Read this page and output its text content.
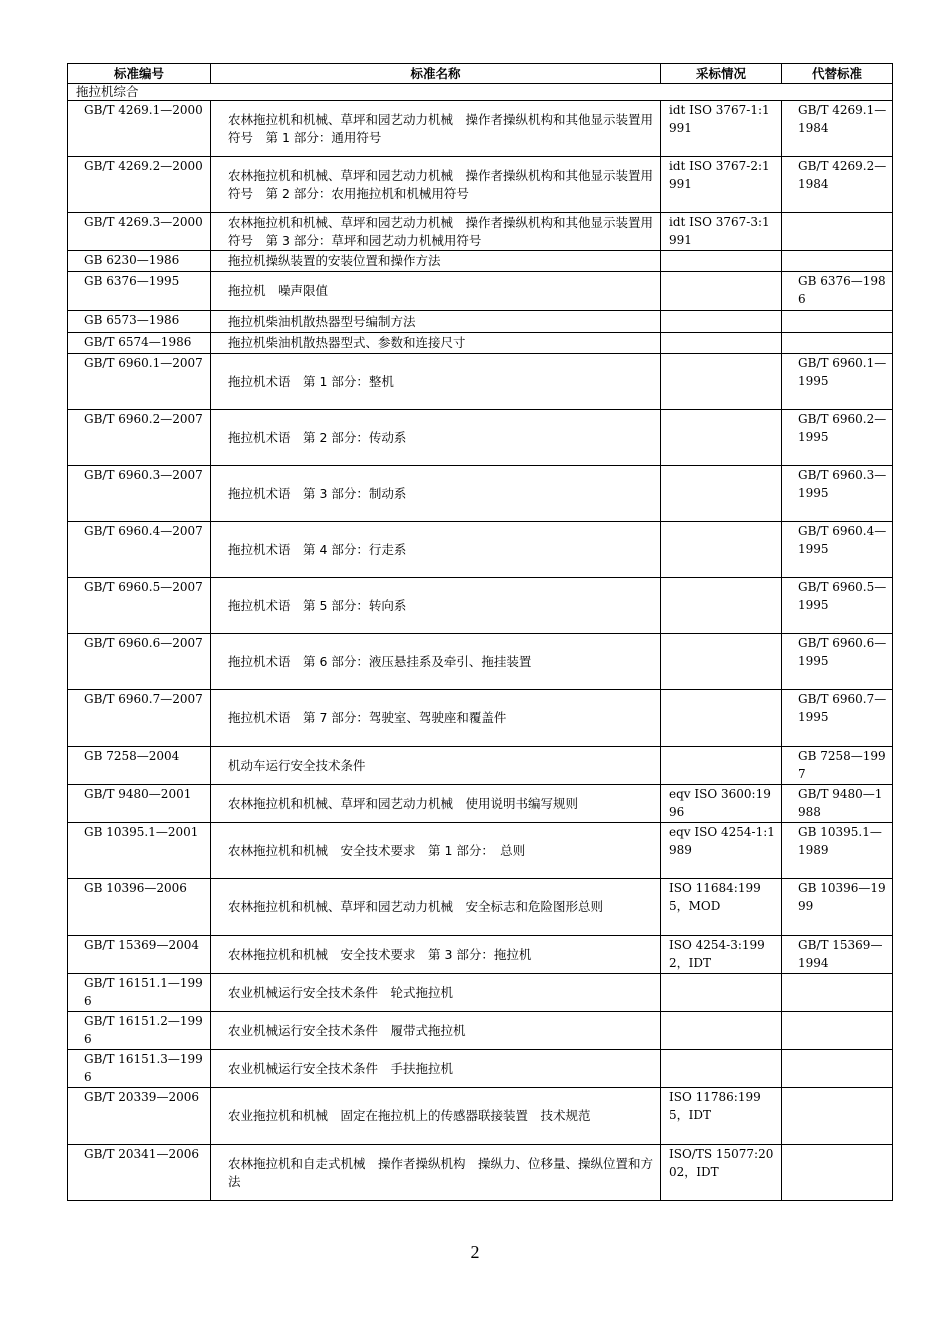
标准编号	标准名称	采标情况	代替标准
拖拉机综合			
GB/T 4269.1—2000	农林拖拉机和机械、草坪和园艺动力机械　操作者操纵机构和其他显示装置用符号　第 1 部分：通用符号	idt ISO 3767-1:1991	GB/T 4269.1—1984
GB/T 4269.2—2000	农林拖拉机和机械、草坪和园艺动力机械　操作者操纵机构和其他显示装置用符号　第 2 部分：农用拖拉机和机械用符号	idt ISO 3767-2:1991	GB/T 4269.2—1984
GB/T 4269.3—2000	农林拖拉机和机械、草坪和园艺动力机械　操作者操纵机构和其他显示装置用符号　第 3 部分：草坪和园艺动力机械用符号	idt ISO 3767-3:1991	
GB 6230—1986	拖拉机操纵装置的安装位置和操作方法		
GB 6376—1995	拖拉机　噪声限值		GB 6376—1986
GB 6573—1986	拖拉机柴油机散热器型号编制方法		
GB/T 6574—1986	拖拉机柴油机散热器型式、参数和连接尺寸		
GB/T 6960.1—2007	拖拉机术语　第 1 部分：整机		GB/T 6960.1—1995
GB/T 6960.2—2007	拖拉机术语　第 2 部分：传动系		GB/T 6960.2—1995
GB/T 6960.3—2007	拖拉机术语　第 3 部分：制动系		GB/T 6960.3—1995
GB/T 6960.4—2007	拖拉机术语　第 4 部分：行走系		GB/T 6960.4—1995
GB/T 6960.5—2007	拖拉机术语　第 5 部分：转向系		GB/T 6960.5—1995
GB/T 6960.6—2007	拖拉机术语　第 6 部分：液压悬挂系及牵引、拖挂装置		GB/T 6960.6—1995
GB/T 6960.7—2007	拖拉机术语　第 7 部分：驾驶室、驾驶座和覆盖件		GB/T 6960.7—1995
GB 7258—2004	机动车运行安全技术条件		GB 7258—1997
GB/T 9480—2001	农林拖拉机和机械、草坪和园艺动力机械　使用说明书编写规则	eqv ISO 3600:1996	GB/T 9480—1988
GB 10395.1—2001	农林拖拉机和机械　安全技术要求　第 1 部分：　总则	eqv ISO 4254-1:1989	GB 10395.1—1989
GB 10396—2006	农林拖拉机和机械、草坪和园艺动力机械　安全标志和危险图形总则	ISO 11684:1995，MOD	GB 10396—1999
GB/T 15369—2004	农林拖拉机和机械　安全技术要求　第 3 部分：拖拉机	ISO 4254-3:1992，IDT	GB/T 15369—1994
GB/T 16151.1—1996	农业机械运行安全技术条件　轮式拖拉机		
GB/T 16151.2—1996	农业机械运行安全技术条件　履带式拖拉机		
GB/T 16151.3—1996	农业机械运行安全技术条件　手扶拖拉机		
GB/T 20339—2006	农业拖拉机和机械　固定在拖拉机上的传感器联接装置　技术规范	ISO 11786:1995，IDT	
GB/T 20341—2006	农林拖拉机和自走式机械　操作者操纵机构　操纵力、位移量、操纵位置和方法	ISO/TS 15077:2002，IDT	
2
